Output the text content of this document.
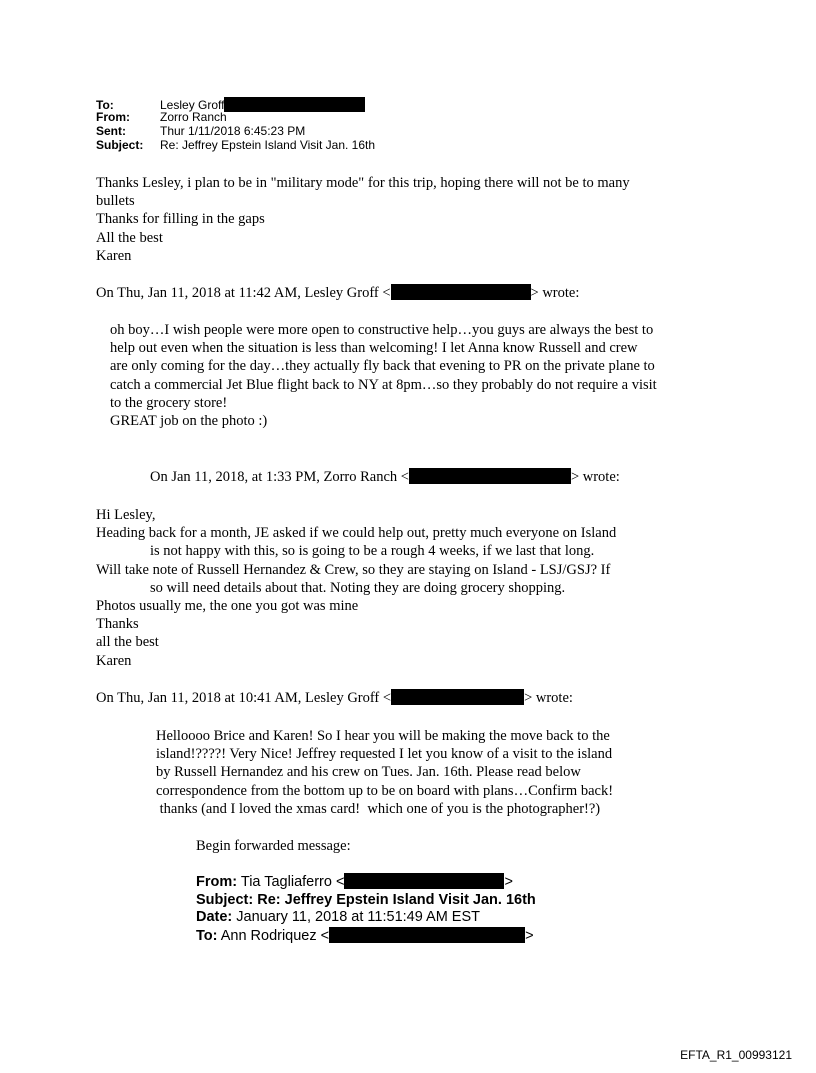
To:	Lesley Groff
From:	Zorro Ranch
Sent:	Thur 1/11/2018 6:45:23 PM
Subject: Re: Jeffrey Epstein Island Visit Jan. 16th
Thanks Lesley, i plan to be in "military mode" for this trip, hoping there will not be to many
bullets
Thanks for filling in the gaps
All the best
Karen
On Thu, Jan 11, 2018 at 11:42 AM, Lesley Groff <	> wrote:
oh boy…I wish people were more open to constructive help…you guys are always the best to
help out even when the situation is less than welcoming! I let Anna know Russell and crew
are only coming for the day…they actually fly back that evening to PR on the private plane to
catch a commercial Jet Blue flight back to NY at 8pm…so they probably do not require a visit
to the grocery store!
GREAT job on the photo :)
On Jan 11, 2018, at 1:33 PM, Zorro Ranch <	> wrote:
Hi Lesley,
Heading back for a month, JE asked if we could help out, pretty much everyone on Island
is not happy with this, so is going to be a rough 4 weeks, if we last that long.
Will take note of Russell Hernandez & Crew, so they are staying on Island - LSJ/GSJ? If
so will need details about that. Noting they are doing grocery shopping.
Photos usually me, the one you got was mine
Thanks
all the best
Karen
On Thu, Jan 11, 2018 at 10:41 AM, Lesley Groff <	> wrote:
Helloooo Brice and Karen! So I hear you will be making the move back to the
island!????! Very Nice! Jeffrey requested I let you know of a visit to the island
by Russell Hernandez and his crew on Tues. Jan. 16th. Please read below
correspondence from the bottom up to be on board with plans…Confirm back!
thanks (and I loved the xmas card!  which one of you is the photographer!?)
Begin forwarded message:
From: Tia Tagliaferro <	>
Subject: Re: Jeffrey Epstein Island Visit Jan. 16th
Date: January 11, 2018 at 11:51:49 AM EST
To: Ann Rodriquez <	>
EFTA_R1_00993121
